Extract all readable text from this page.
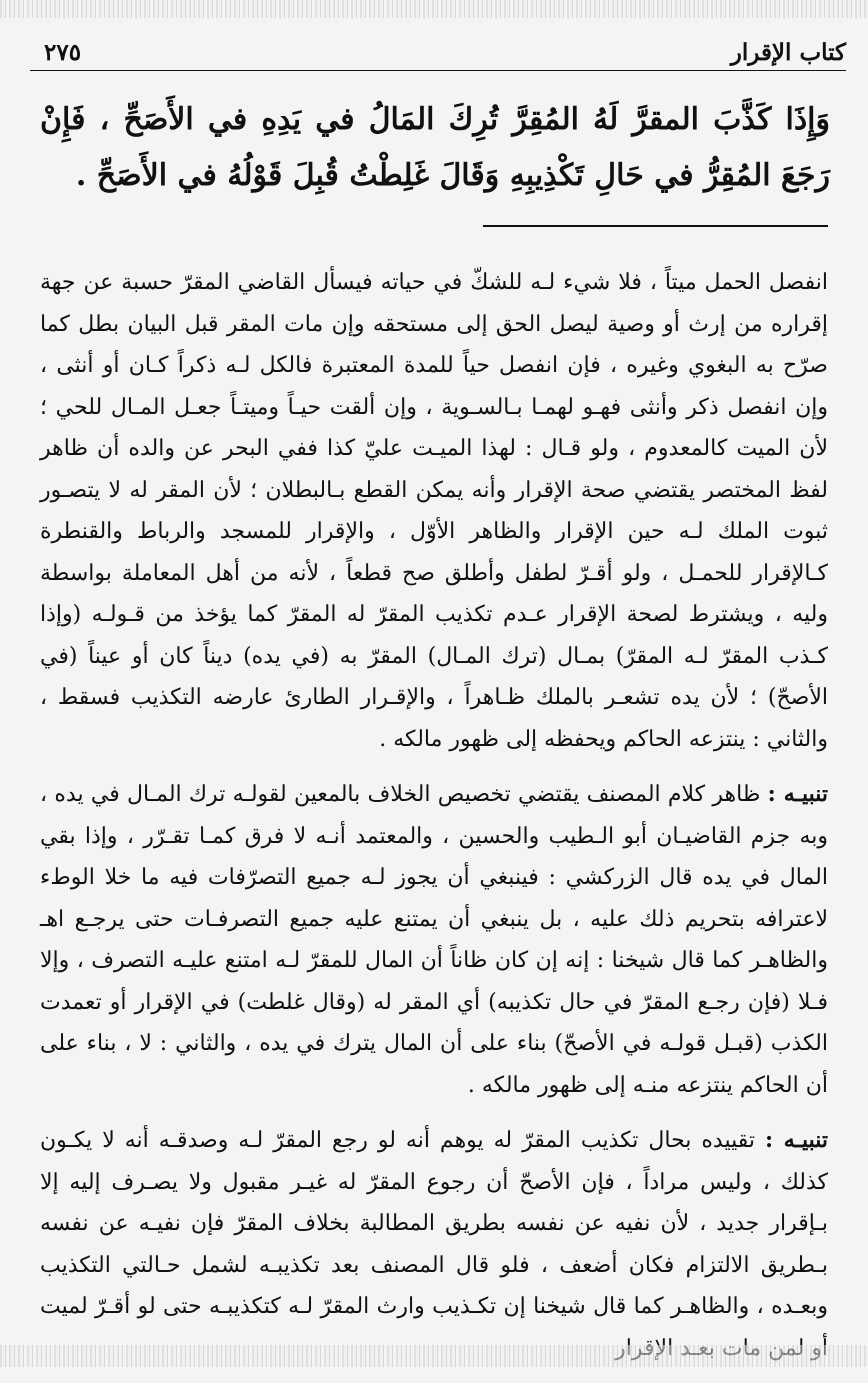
كتاب الإقرار
٢٧٥

وَإِذَا كَذَّبَ المقرَّ لَهُ المُقِرَّ تُرِكَ المَالُ في يَدِهِ في الأَصَحِّ ، فَإِنْ رَجَعَ المُقِرُّ في حَالِ تَكْذِيبِهِ وَقَالَ غَلِطْتُ قُبِلَ قَوْلُهُ في الأَصَحِّ .

انفصل الحمل ميتاً ، فلا شيء لـه للشكّ في حياته فيسأل القاضي المقرّ حسبة عن جهة إقراره من إرث أو وصية ليصل الحق إلى مستحقه وإن مات المقر قبل البيان بطل كما صرّح به البغوي وغيره ، فإن انفصل حياً للمدة المعتبرة فالكل لـه ذكراً كـان أو أنثى ، وإن انفصل ذكر وأنثى فهـو لهمـا بـالسـوية ، وإن ألقت حيـاً وميتـاً جعـل المـال للحي ؛ لأن الميت كالمعدوم ، ولو قـال : لهذا الميـت عليّ كذا ففي البحر عن والده أن ظاهر لفظ المختصر يقتضي صحة الإقرار وأنه يمكن القطع بـالبطلان ؛ لأن المقر له لا يتصـور ثبوت الملك لـه حين الإقرار والظاهر الأوّل ، والإقرار للمسجد والرباط والقنطرة كـالإقرار للحمـل ، ولو أقـرّ لطفل وأطلق صح قطعاً ، لأنه من أهل المعاملة بواسطة وليه ، ويشترط لصحة الإقرار عـدم تكذيب المقرّ له المقرّ كما يؤخذ من قـولـه (وإذا كـذب المقرّ لـه المقرّ) بمـال (ترك المـال) المقرّ به (في يده) ديناً كان أو عيناً (في الأصحّ) ؛ لأن يده تشعـر بالملك ظـاهراً ، والإقـرار الطارئ عارضه التكذيب فسقط ، والثاني : ينتزعه الحاكم ويحفظه إلى ظهور مالكه .

تنبيـه : ظاهر كلام المصنف يقتضي تخصيص الخلاف بالمعين لقولـه ترك المـال في يده ، وبه جزم القاضيـان أبو الـطيب والحسين ، والمعتمد أنـه لا فرق كمـا تقـرّر ، وإذا بقي المال في يده قال الزركشي : فينبغي أن يجوز لـه جميع التصرّفات فيه ما خلا الوطء لاعترافه بتحريم ذلك عليه ، بل ينبغي أن يمتنع عليه جميع التصرفـات حتى يرجـع اهـ والظاهـر كما قال شيخنا : إنه إن كان ظاناً أن المال للمقرّ لـه امتنع عليـه التصرف ، وإلا فـلا (فإن رجـع المقرّ في حال تكذيبه) أي المقر له (وقال غلطت) في الإقرار أو تعمدت الكذب (قبـل قولـه في الأصحّ) بناء على أن المال يترك في يده ، والثاني : لا ، بناء على أن الحاكم ينتزعه منـه إلى ظهور مالكه .

تنبيـه : تقييده بحال تكذيب المقرّ له يوهم أنه لو رجع المقرّ لـه وصدقـه أنه لا يكـون كذلك ، وليس مراداً ، فإن الأصحّ أن رجوع المقرّ له غيـر مقبول ولا يصـرف إليه إلا بـإقرار جديد ، لأن نفيه عن نفسه بطريق المطالبة بخلاف المقرّ فإن نفيـه عن نفسه بـطريق الالتزام فكان أضعف ، فلو قال المصنف بعد تكذيبـه لشمل حـالتي التكذيب وبعـده ، والظاهـر كما قال شيخنا إن تكـذيب وارث المقرّ لـه كتكذيبـه حتى لو أقـرّ لميت
